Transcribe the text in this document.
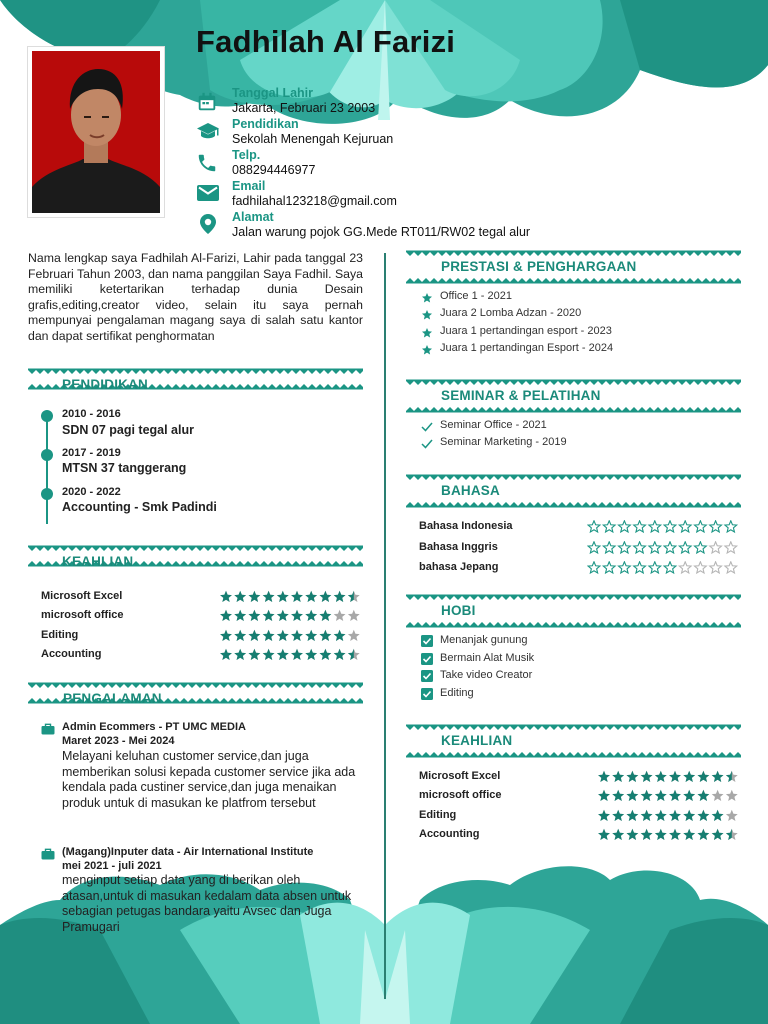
Fadhilah Al Farizi
Tanggal Lahir
Jakarta, Februari 23 2003
Pendidikan
Sekolah Menengah Kejuruan
Telp.
088294446977
Email
fadhilahal123218@gmail.com
Alamat
Jalan warung pojok GG.Mede RT011/RW02 tegal alur
Nama lengkap saya Fadhilah Al-Farizi, Lahir pada tanggal 23 Februari Tahun 2003, dan nama panggilan Saya Fadhil. Saya memiliki ketertarikan terhadap dunia Desain grafis,editing,creator video, selain itu saya pernah mempunyai pengalaman magang saya di salah satu kantor dan dapat sertifikat penghormatan
PENDIDIKAN
2010 - 2016
SDN 07 pagi tegal alur
2017 - 2019
MTSN 37 tanggerang
2020 - 2022
Accounting - Smk Padindi
KEAHLIAN
Microsoft Excel
microsoft office
Editing
Accounting
PENGALAMAN
Admin Ecommers - PT UMC MEDIA
Maret 2023 - Mei 2024
Melayani keluhan customer service,dan juga memberikan solusi kepada customer service jika ada kendala pada custiner service,dan juga menaikan produk untuk di masukan ke platfrom tersebut
(Magang)Inputer data - Air International Institute
mei 2021 - juli 2021
menginput setiap data yang di berikan oleh atasan,untuk di masukan kedalam data absen untuk sebagian petugas bandara yaitu Avsec dan Juga Pramugari
PRESTASI & PENGHARGAAN
Office 1 - 2021
Juara 2 Lomba Adzan - 2020
Juara 1 pertandingan esport - 2023
Juara 1 pertandingan Esport - 2024
SEMINAR & PELATIHAN
Seminar Office - 2021
Seminar Marketing - 2019
BAHASA
Bahasa Indonesia
Bahasa Inggris
bahasa Jepang
HOBI
Menanjak gunung
Bermain Alat Musik
Take video Creator
Editing
KEAHLIAN
Microsoft Excel
microsoft office
Editing
Accounting
